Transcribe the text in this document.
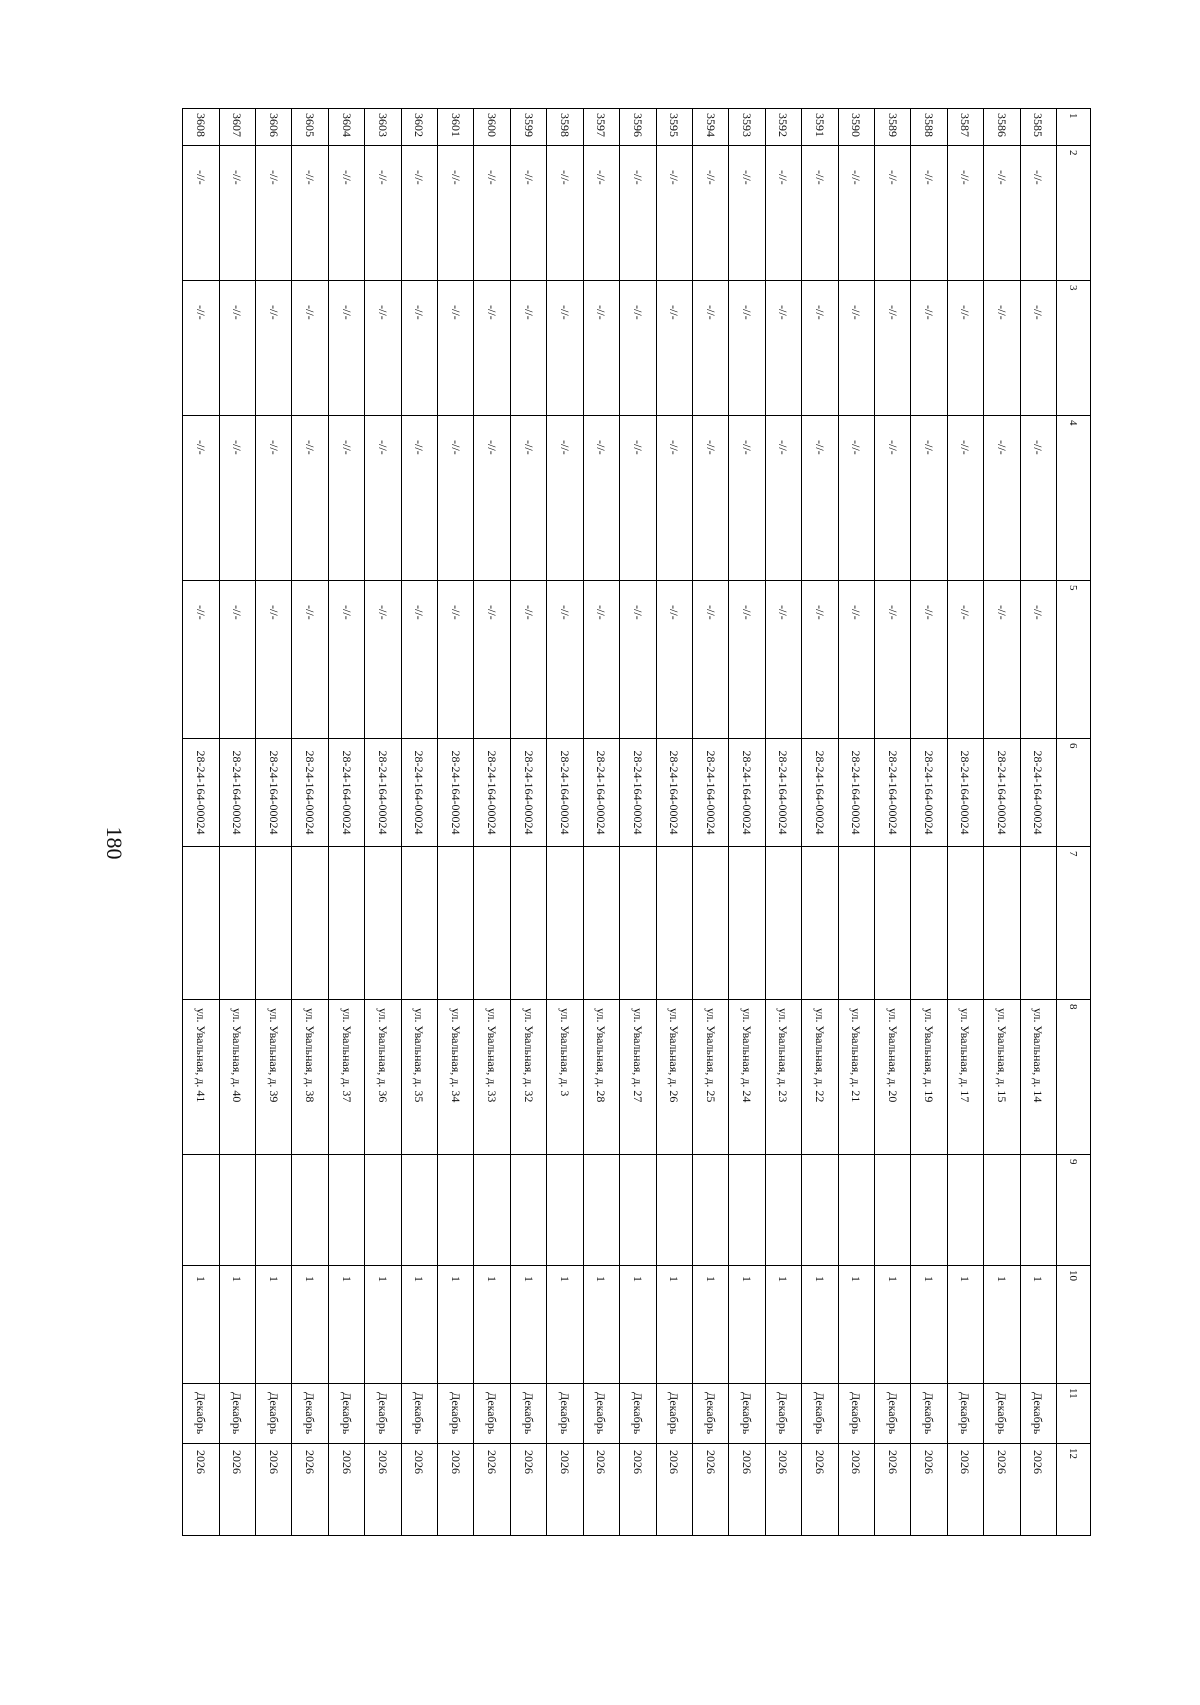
180
1	2	3	4	5	6	7	8	9	10	11	12
3585	-//-	-//-	-//-	-//-	28-24-164-00024		ул. Увальная, д. 14		1	Декабрь	2026
3586	-//-	-//-	-//-	-//-	28-24-164-00024		ул. Увальная, д. 15		1	Декабрь	2026
3587	-//-	-//-	-//-	-//-	28-24-164-00024		ул. Увальная, д. 17		1	Декабрь	2026
3588	-//-	-//-	-//-	-//-	28-24-164-00024		ул. Увальная, д. 19		1	Декабрь	2026
3589	-//-	-//-	-//-	-//-	28-24-164-00024		ул. Увальная, д. 20		1	Декабрь	2026
3590	-//-	-//-	-//-	-//-	28-24-164-00024		ул. Увальная, д. 21		1	Декабрь	2026
3591	-//-	-//-	-//-	-//-	28-24-164-00024		ул. Увальная, д. 22		1	Декабрь	2026
3592	-//-	-//-	-//-	-//-	28-24-164-00024		ул. Увальная, д. 23		1	Декабрь	2026
3593	-//-	-//-	-//-	-//-	28-24-164-00024		ул. Увальная, д. 24		1	Декабрь	2026
3594	-//-	-//-	-//-	-//-	28-24-164-00024		ул. Увальная, д. 25		1	Декабрь	2026
3595	-//-	-//-	-//-	-//-	28-24-164-00024		ул. Увальная, д. 26		1	Декабрь	2026
3596	-//-	-//-	-//-	-//-	28-24-164-00024		ул. Увальная, д. 27		1	Декабрь	2026
3597	-//-	-//-	-//-	-//-	28-24-164-00024		ул. Увальная, д. 28		1	Декабрь	2026
3598	-//-	-//-	-//-	-//-	28-24-164-00024		ул. Увальная, д. 3		1	Декабрь	2026
3599	-//-	-//-	-//-	-//-	28-24-164-00024		ул. Увальная, д. 32		1	Декабрь	2026
3600	-//-	-//-	-//-	-//-	28-24-164-00024		ул. Увальная, д. 33		1	Декабрь	2026
3601	-//-	-//-	-//-	-//-	28-24-164-00024		ул. Увальная, д. 34		1	Декабрь	2026
3602	-//-	-//-	-//-	-//-	28-24-164-00024		ул. Увальная, д. 35		1	Декабрь	2026
3603	-//-	-//-	-//-	-//-	28-24-164-00024		ул. Увальная, д. 36		1	Декабрь	2026
3604	-//-	-//-	-//-	-//-	28-24-164-00024		ул. Увальная, д. 37		1	Декабрь	2026
3605	-//-	-//-	-//-	-//-	28-24-164-00024		ул. Увальная, д. 38		1	Декабрь	2026
3606	-//-	-//-	-//-	-//-	28-24-164-00024		ул. Увальная, д. 39		1	Декабрь	2026
3607	-//-	-//-	-//-	-//-	28-24-164-00024		ул. Увальная, д. 40		1	Декабрь	2026
3608	-//-	-//-	-//-	-//-	28-24-164-00024		ул. Увальная, д. 41		1	Декабрь	2026
